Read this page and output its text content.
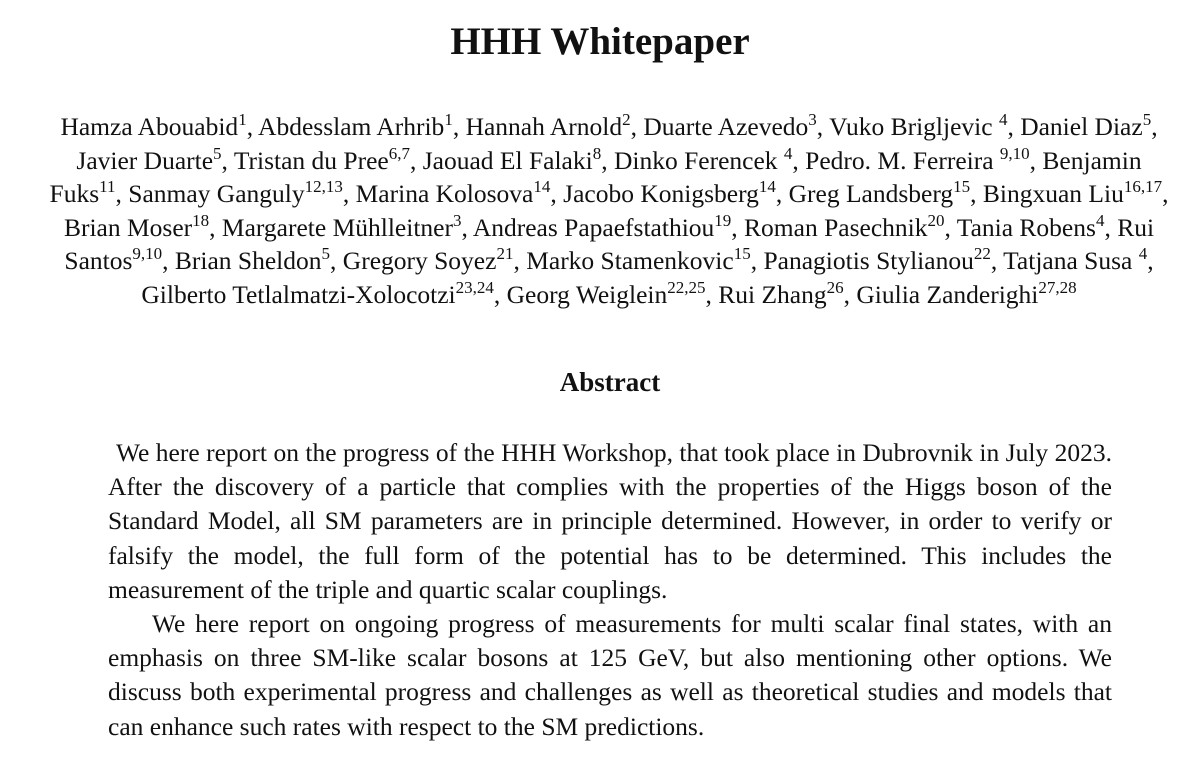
HHH Whitepaper

Hamza Abouabid$^1$, Abdesslam Arhrib$^1$, Hannah Arnold$^2$, Duarte Azevedo$^3$, Vuko Brigljevic $^4$, Daniel Diaz$^5$, Javier Duarte$^5$, Tristan du Pree$^{6,7}$, Jaouad El Falaki$^8$, Dinko Ferencek $^4$, Pedro. M. Ferreira $^{9,10}$, Benjamin Fuks$^{11}$, Sanmay Ganguly$^{12,13}$, Marina Kolosova$^{14}$, Jacobo Konigsberg$^{14}$, Greg Landsberg$^{15}$, Bingxuan Liu$^{16,17}$, Brian Moser$^{18}$, Margarete Mühlleitner$^3$, Andreas Papaefstathiou$^{19}$, Roman Pasechnik$^{20}$, Tania Robens$^4$, Rui Santos$^{9,10}$, Brian Sheldon$^5$, Gregory Soyez$^{21}$, Marko Stamenkovic$^{15}$, Panagiotis Stylianou$^{22}$, Tatjana Susa $^4$, Gilberto Tetlalmatzi-Xolocotzi$^{23,24}$, Georg Weiglein$^{22,25}$, Rui Zhang$^{26}$, Giulia Zanderighi$^{27,28}$

Abstract

We here report on the progress of the HHH Workshop, that took place in Dubrovnik in July 2023. After the discovery of a particle that complies with the properties of the Higgs boson of the Standard Model, all SM parameters are in principle determined. However, in order to verify or falsify the model, the full form of the potential has to be determined. This includes the measurement of the triple and quartic scalar couplings.

We here report on ongoing progress of measurements for multi scalar final states, with an emphasis on three SM-like scalar bosons at 125 GeV, but also mentioning other options. We discuss both experimental progress and challenges as well as theoretical studies and models that can enhance such rates with respect to the SM predictions.
